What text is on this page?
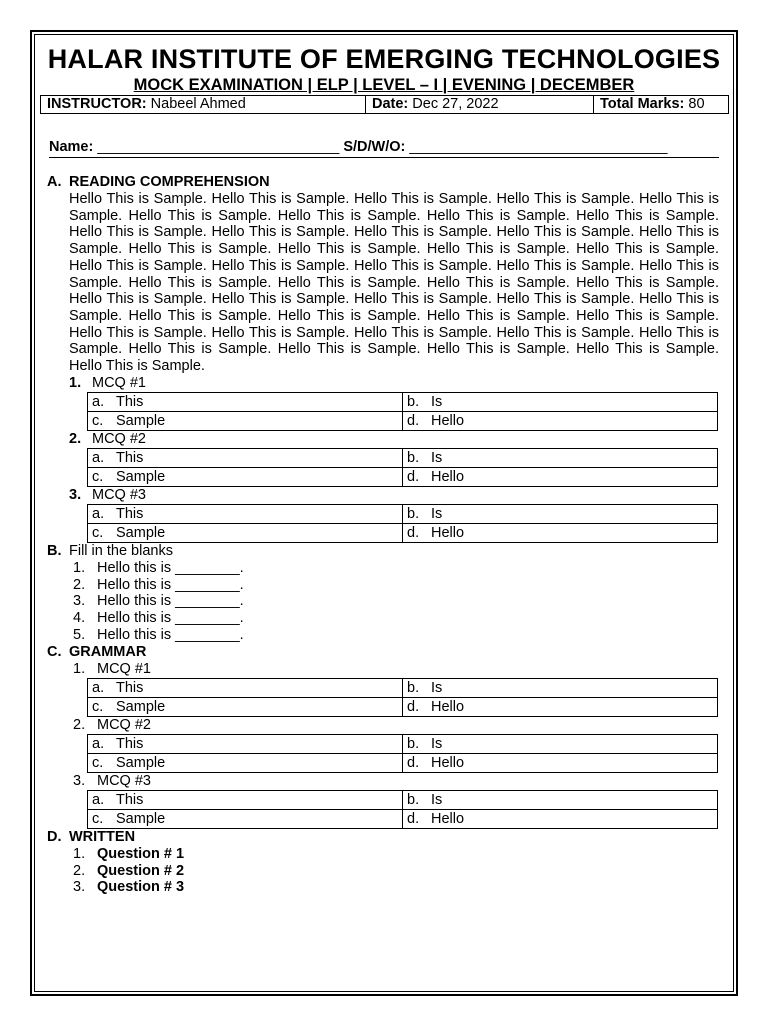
HALAR INSTITUTE OF EMERGING TECHNOLOGIES
MOCK EXAMINATION | ELP | LEVEL – I | EVENING | DECEMBER
INSTRUCTOR: Nabeel Ahmed	Date: Dec 27, 2022	Total Marks: 80
Name: ______________________________ S/D/W/O: ________________________________
A. READING COMPREHENSION
Hello This is Sample. Hello This is Sample. Hello This is Sample. Hello This is Sample. Hello This is Sample. Hello This is Sample. Hello This is Sample. Hello This is Sample. Hello This is Sample. Hello This is Sample. Hello This is Sample. Hello This is Sample. Hello This is Sample. Hello This is Sample. Hello This is Sample. Hello This is Sample. Hello This is Sample. Hello This is Sample. Hello This is Sample. Hello This is Sample. Hello This is Sample. Hello This is Sample. Hello This is Sample. Hello This is Sample. Hello This is Sample. Hello This is Sample. Hello This is Sample. Hello This is Sample. Hello This is Sample. Hello This is Sample. Hello This is Sample. Hello This is Sample. Hello This is Sample. Hello This is Sample. Hello This is Sample. Hello This is Sample. Hello This is Sample. Hello This is Sample. Hello This is Sample. Hello This is Sample. Hello This is Sample. Hello This is Sample. Hello This is Sample. Hello This is Sample. Hello This is Sample. Hello This is Sample.
1. MCQ #1
a. This	b. Is
c. Sample	d. Hello
2. MCQ #2
a. This	b. Is
c. Sample	d. Hello
3. MCQ #3
a. This	b. Is
c. Sample	d. Hello
B. Fill in the blanks
1. Hello this is ________.
2. Hello this is ________.
3. Hello this is ________.
4. Hello this is ________.
5. Hello this is ________.
C. GRAMMAR
1. MCQ #1
a. This	b. Is
c. Sample	d. Hello
2. MCQ #2
a. This	b. Is
c. Sample	d. Hello
3. MCQ #3
a. This	b. Is
c. Sample	d. Hello
D. WRITTEN
1. Question # 1
2. Question # 2
3. Question # 3
